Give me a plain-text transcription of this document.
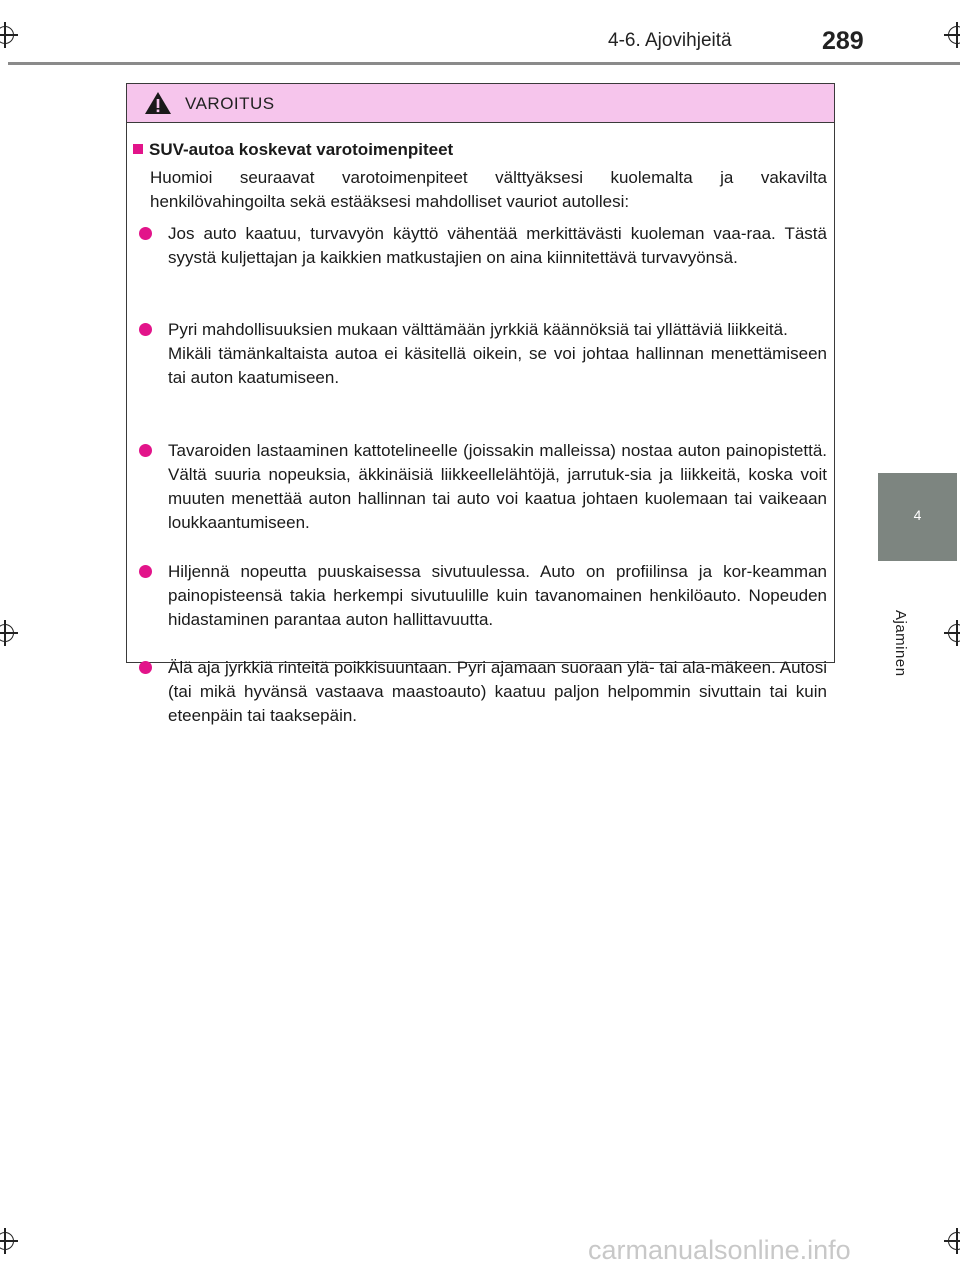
4-6. Ajovihjeitä	289
4
Ajaminen
VAROITUS
SUV-autoa koskevat varotoimenpiteet
Huomioi seuraavat varotoimenpiteet välttyäksesi kuolemalta ja vakavilta henkilövahingoilta sekä estääksesi mahdolliset vauriot autollesi:

Jos auto kaatuu, turvavyön käyttö vähentää merkittävästi kuoleman vaa-raa. Tästä syystä kuljettajan ja kaikkien matkustajien on aina kiinnitettävä turvavyönsä.

Pyri mahdollisuuksien mukaan välttämään jyrkkiä käännöksiä tai yllättäviä liikkeitä.

Mikäli tämänkaltaista autoa ei käsitellä oikein, se voi johtaa hallinnan menettämiseen tai auton kaatumiseen.

Tavaroiden lastaaminen kattotelineelle (joissakin malleissa) nostaa auton painopistettä. Vältä suuria nopeuksia, äkkinäisiä liikkeellelähtöjä, jarrutuk-sia ja liikkeitä, koska voit muuten menettää auton hallinnan tai auto voi kaatua johtaen kuolemaan tai vaikeaan loukkaantumiseen.

Hiljennä nopeutta puuskaisessa sivutuulessa. Auto on profiilinsa ja kor-keamman painopisteensä takia herkempi sivutuulille kuin tavanomainen henkilöauto. Nopeuden hidastaminen parantaa auton hallittavuutta.

Älä aja jyrkkiä rinteitä poikkisuuntaan. Pyri ajamaan suoraan ylä- tai ala-mäkeen. Autosi (tai mikä hyvänsä vastaava maastoauto) kaatuu paljon helpommin sivuttain tai kuin eteenpäin tai taaksepäin.

carmanualsonline.info
